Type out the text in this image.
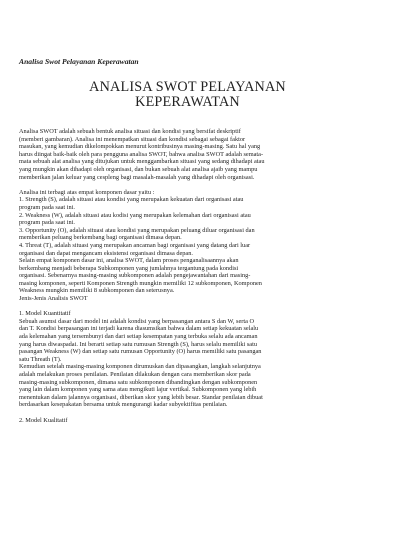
Analisa Swot Pelayanan Keperawatan
ANALISA SWOT PELAYANAN
KEPERAWATAN
Analisa SWOT adalah sebuah bentuk analisa situasi dan kondisi yang bersifat deskriptif
(memberi gambaran). Analisa ini menempatkan situasi dan kondisi sebagai sebagai faktor
masukan, yang kemudian dikelompokkan menurut kontribusinya masing-masing. Satu hal yang
harus diingat baik-baik oleh para pengguna analisa SWOT, bahwa analisa SWOT adalah semata-
mata sebuah alat analisa yang ditujukan untuk menggambarkan situasi yang sedang dihadapi atau
yang mungkin akan dihadapi oleh organisasi, dan bukan sebuah alat analisa ajaib yang mampu
memberikan jalan keluar yang cespleng bagi masalah-masalah yang dihadapi oleh organisasi.
Analisa ini terbagi atas empat komponen dasar yaitu :
1. Strength (S), adalah situasi atau kondisi yang merupakan kekuatan dari organisasi atau
program pada saat ini.
2. Weakness (W), adalah situasi atau kodisi yang merupakan kelemahan dari organisasi atau
program pada saat ini.
3. Opportunity (O), adalah situasi atau kondisi yang merupakan peluang diluar organisasi dan
memberikan peluang berkembang bagi organisasi dimasa depan.
4. Threat (T), adalah situasi yang merupakan ancaman bagi organisasi yang datang dari luar
organisasi dan dapat mengancam eksistensi organisasi dimasa depan.
Selain empat komponen dasar ini, analisa SWOT, dalam proses penganalisaannya akan
berkembang menjadi beberapa Subkomponen yang jumlahnya tergantung pada kondisi
organisasi. Sebenarnya masing-masing subkomponen adalah pengejawantahan dari masing-
masing komponen, seperti Komponen Strength mungkin memiliki 12 subkomponen, Komponen
Weakness mungkin memiliki 8 subkomponen dan seterusnya.
Jenis-Jenis Analisis SWOT
1. Model Kuantitatif
Sebuah asumsi dasar dari model ini adalah kondisi yang berpasangan antara S dan W, serta O
dan T. Kondisi berpasangan ini terjadi karena diasumsikan bahwa dalam setiap kekuatan selalu
ada kelemahan yang tersembunyi dan dari setiap kesempatan yang terbuka selalu ada ancaman
yang harus diwaspadai. Ini berarti setiap satu rumusan Strength (S), harus selalu memiliki satu
pasangan Weakness (W) dan setiap satu rumusan Opportunity (O) harus memiliki satu pasangan
satu Threath (T).
Kemudian setelah masing-masing komponen dirumuskan dan dipasangkan, langkah selanjutnya
adalah melakukan proses penilaian. Penilaian dilakukan dengan cara memberikan skor pada
masing-masing subkomponen, dimana satu subkomponen dibandingkan dengan subkomponen
yang lain dalam komponen yang sama atau mengikuti lajur vertikal. Subkomponen yang lebih
menentukan dalam jalannya organisasi, diberikan skor yang lebih besar. Standar penilaian dibuat
berdasarkan kesepakatan bersama untuk mengurangi kadar subyektifitas penilaian.
2. Model Kualitatif
